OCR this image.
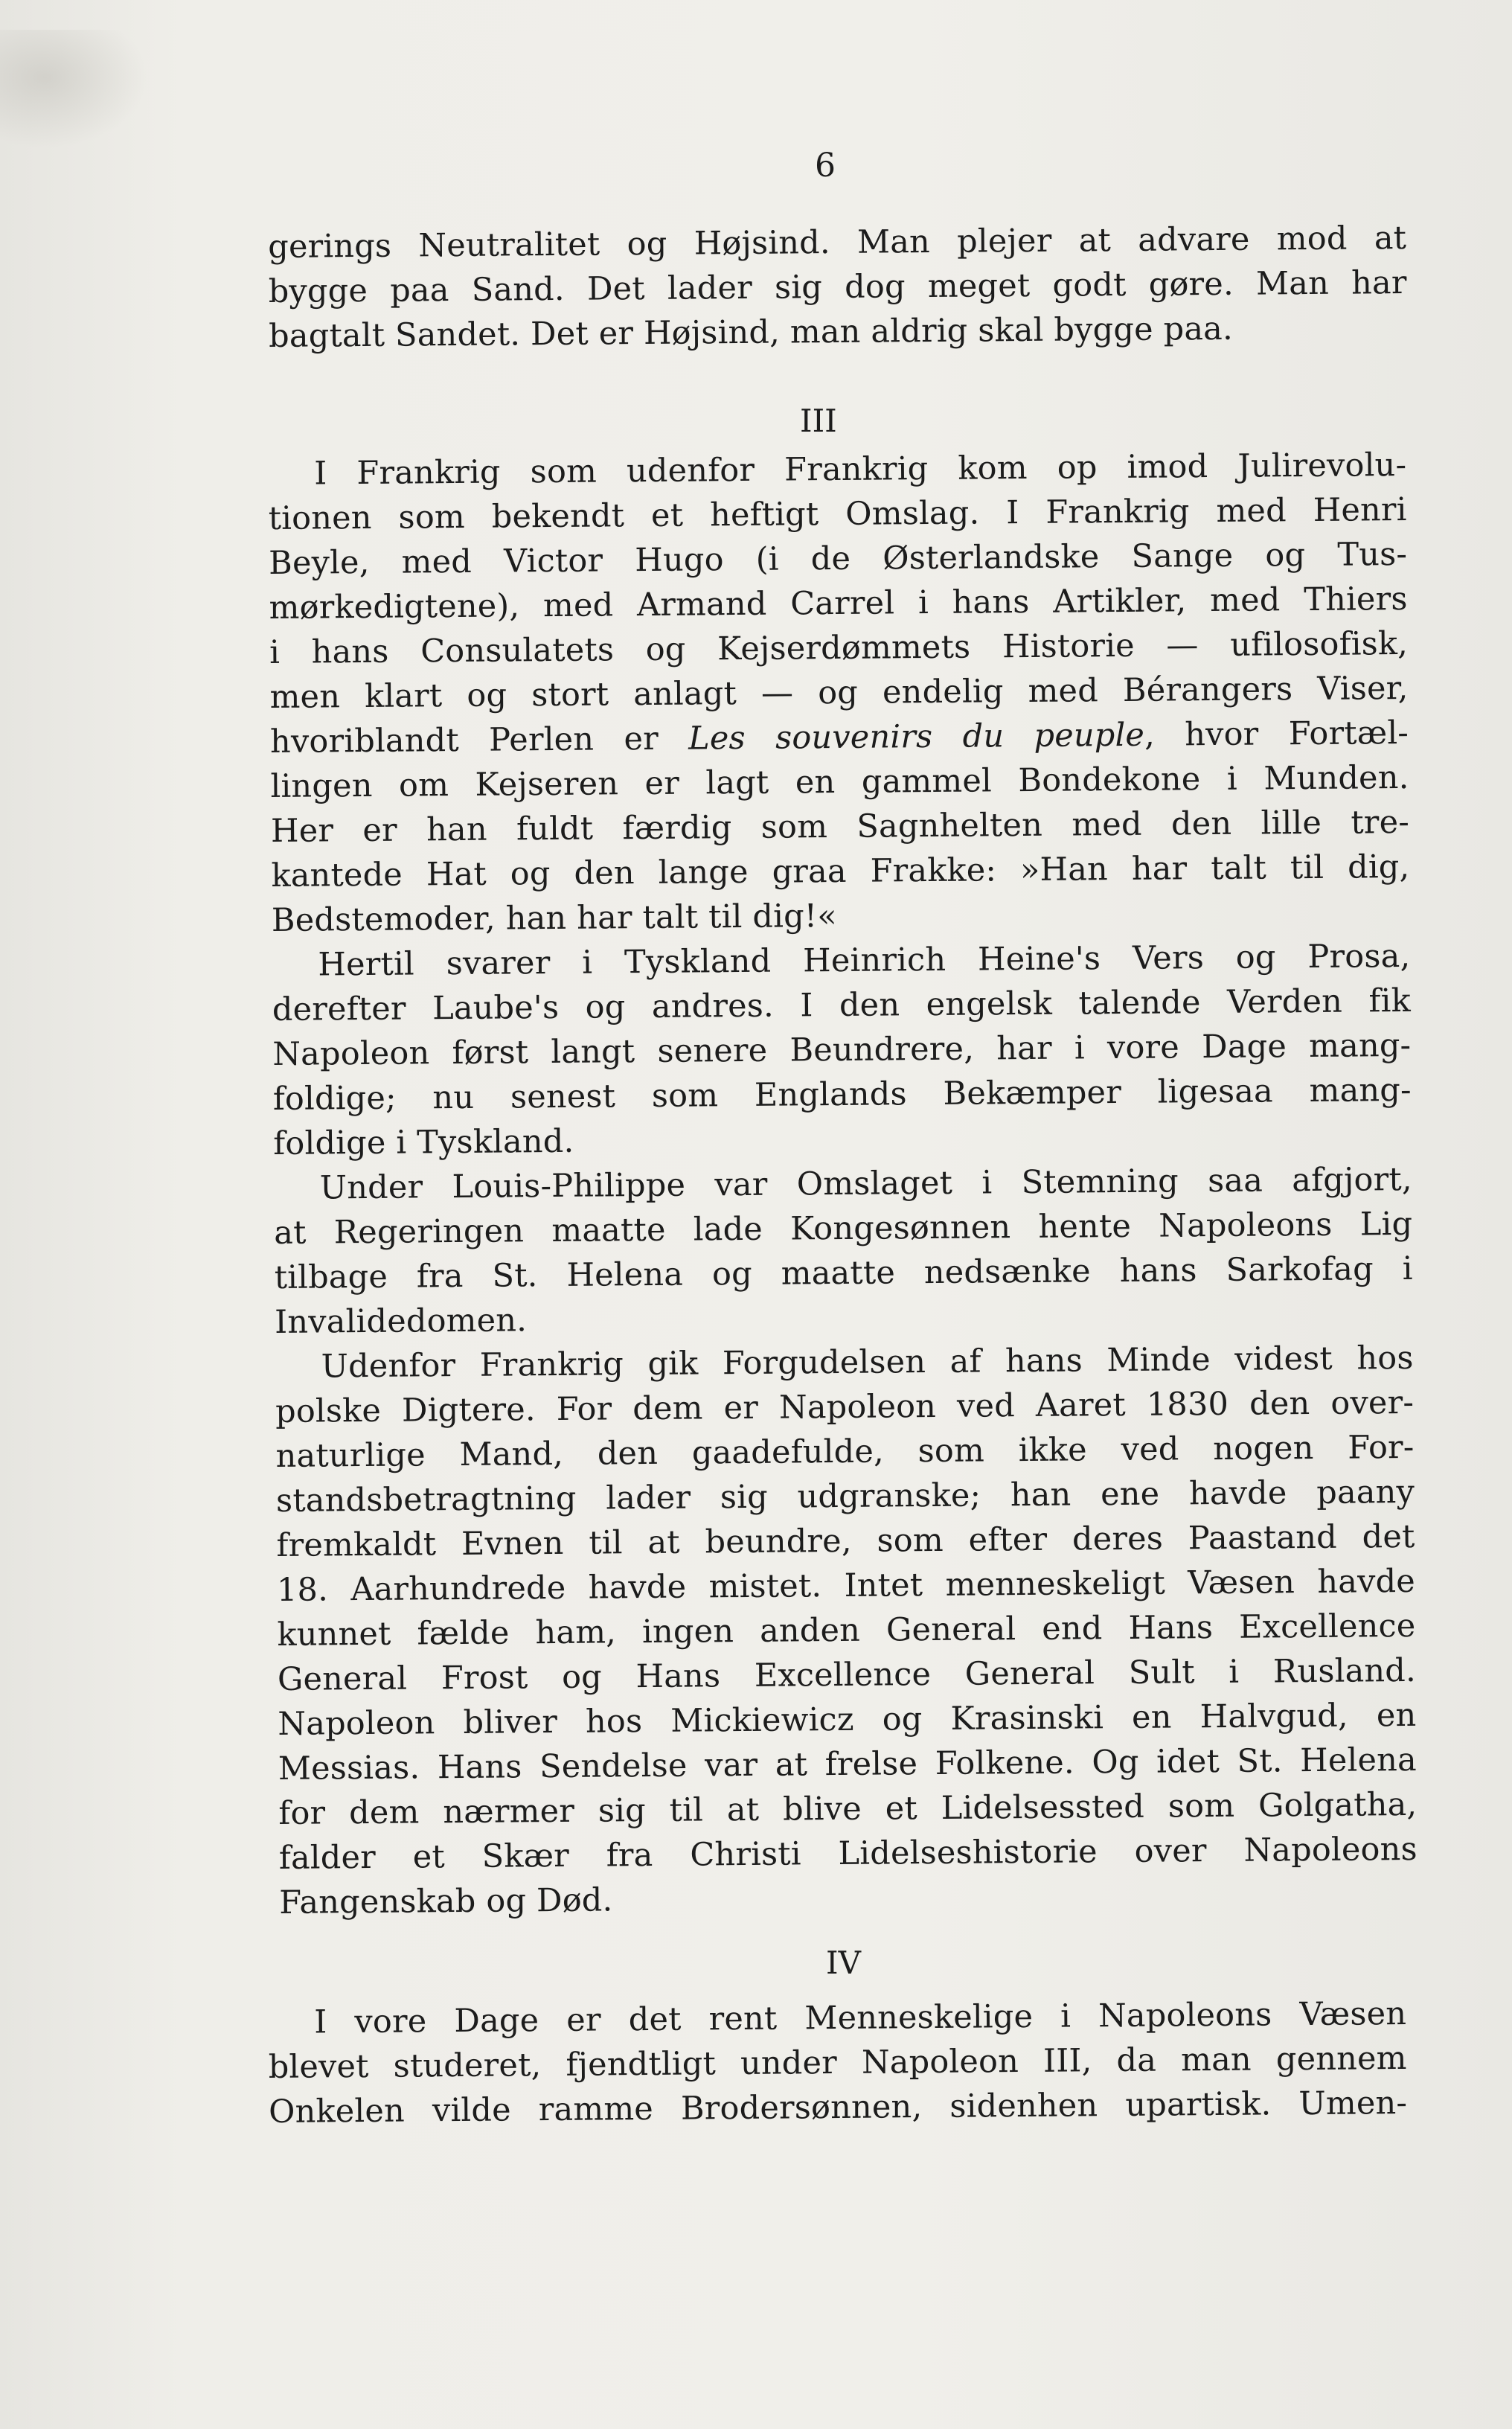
6
gerings Neutralitet og Højsind. Man plejer at advare mod at
bygge paa Sand. Det lader sig dog meget godt gøre. Man har
bagtalt Sandet. Det er Højsind, man aldrig skal bygge paa.
III
I Frankrig som udenfor Frankrig kom op imod Julirevolu-
tionen som bekendt et heftigt Omslag. I Frankrig med Henri
Beyle, med Victor Hugo (i de Østerlandske Sange og Tus-
mørkedigtene), med Armand Carrel i hans Artikler, med Thiers
i hans Consulatets og Kejserdømmets Historie — ufilosofisk,
men klart og stort anlagt — og endelig med Bérangers Viser,
hvoriblandt Perlen er Les souvenirs du peuple, hvor Fortæl-
lingen om Kejseren er lagt en gammel Bondekone i Munden.
Her er han fuldt færdig som Sagnhelten med den lille tre-
kantede Hat og den lange graa Frakke: »Han har talt til dig,
Bedstemoder, han har talt til dig!«
Hertil svarer i Tyskland Heinrich Heine's Vers og Prosa,
derefter Laube's og andres. I den engelsk talende Verden fik
Napoleon først langt senere Beundrere, har i vore Dage mang-
foldige; nu senest som Englands Bekæmper ligesaa mang-
foldige i Tyskland.
Under Louis-Philippe var Omslaget i Stemning saa afgjort,
at Regeringen maatte lade Kongesønnen hente Napoleons Lig
tilbage fra St. Helena og maatte nedsænke hans Sarkofag i
Invalidedomen.
Udenfor Frankrig gik Forgudelsen af hans Minde videst hos
polske Digtere. For dem er Napoleon ved Aaret 1830 den over-
naturlige Mand, den gaadefulde, som ikke ved nogen For-
standsbetragtning lader sig udgranske; han ene havde paany
fremkaldt Evnen til at beundre, som efter deres Paastand det
18. Aarhundrede havde mistet. Intet menneskeligt Væsen havde
kunnet fælde ham, ingen anden General end Hans Excellence
General Frost og Hans Excellence General Sult i Rusland.
Napoleon bliver hos Mickiewicz og Krasinski en Halvgud, en
Messias. Hans Sendelse var at frelse Folkene. Og idet St. Helena
for dem nærmer sig til at blive et Lidelsessted som Golgatha,
falder et Skær fra Christi Lidelseshistorie over Napoleons
Fangenskab og Død.
IV
I vore Dage er det rent Menneskelige i Napoleons Væsen
blevet studeret, fjendtligt under Napoleon III, da man gennem
Onkelen vilde ramme Brodersønnen, sidenhen upartisk. Umen-
